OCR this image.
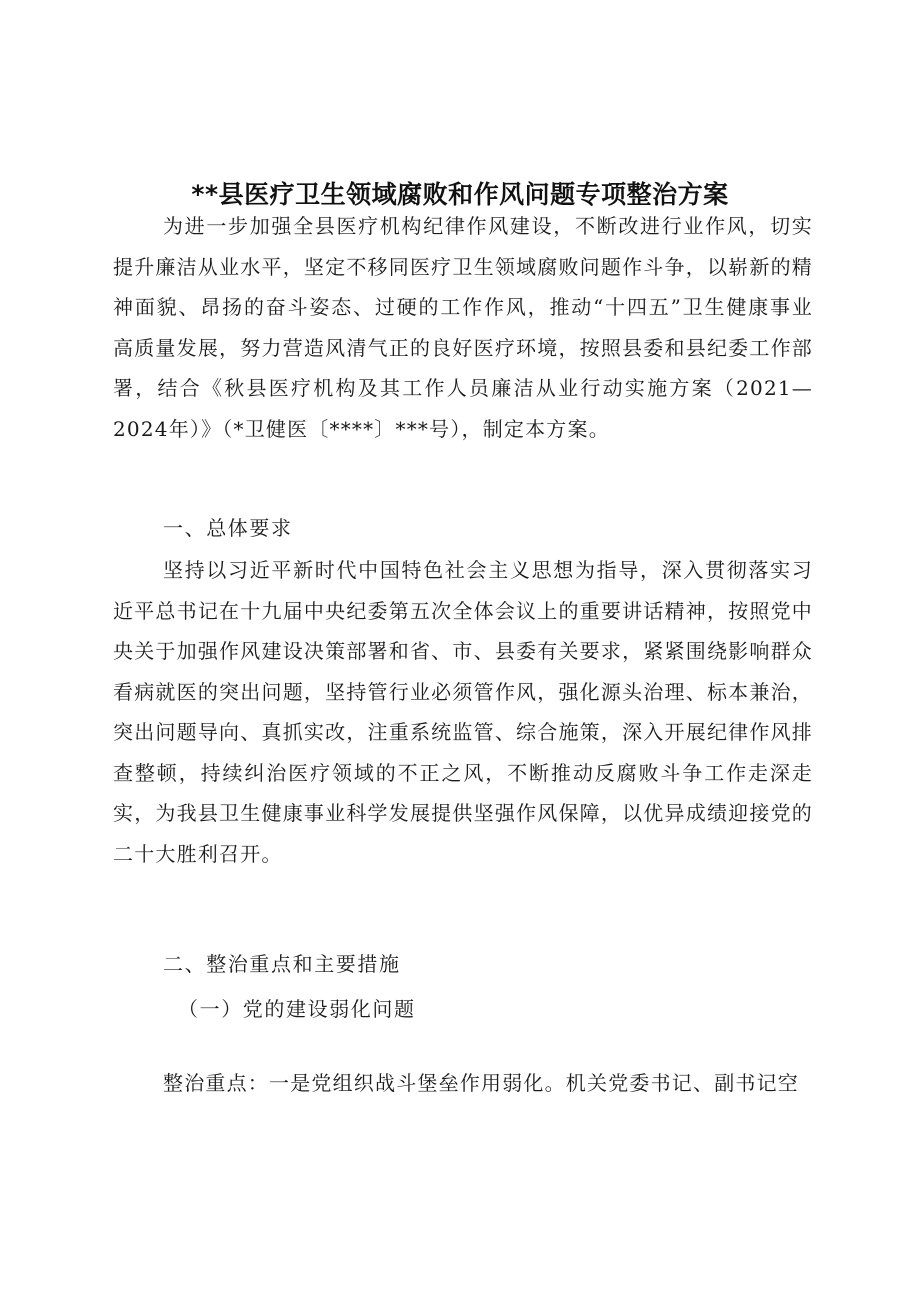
**县医疗卫生领域腐败和作风问题专项整治方案

为进一步加强全县医疗机构纪律作风建设，不断改进行业作风，切实提升廉洁从业水平，坚定不移同医疗卫生领域腐败问题作斗争，以崭新的精神面貌、昂扬的奋斗姿态、过硬的工作作风，推动“十四五”卫生健康事业高质量发展，努力营造风清气正的良好医疗环境，按照县委和县纪委工作部署，结合《秋县医疗机构及其工作人员廉洁从业行动实施方案（2021—2024年）》（*卫健医〔****〕***号），制定本方案。

一、总体要求

坚持以习近平新时代中国特色社会主义思想为指导，深入贯彻落实习近平总书记在十九届中央纪委第五次全体会议上的重要讲话精神，按照党中央关于加强作风建设决策部署和省、市、县委有关要求，紧紧围绕影响群众看病就医的突出问题，坚持管行业必须管作风，强化源头治理、标本兼治，突出问题导向、真抓实改，注重系统监管、综合施策，深入开展纪律作风排查整顿，持续纠治医疗领域的不正之风，不断推动反腐败斗争工作走深走实，为我县卫生健康事业科学发展提供坚强作风保障，以优异成绩迎接党的二十大胜利召开。

二、整治重点和主要措施

（一）党的建设弱化问题

整治重点：一是党组织战斗堡垒作用弱化。机关党委书记、副书记空
